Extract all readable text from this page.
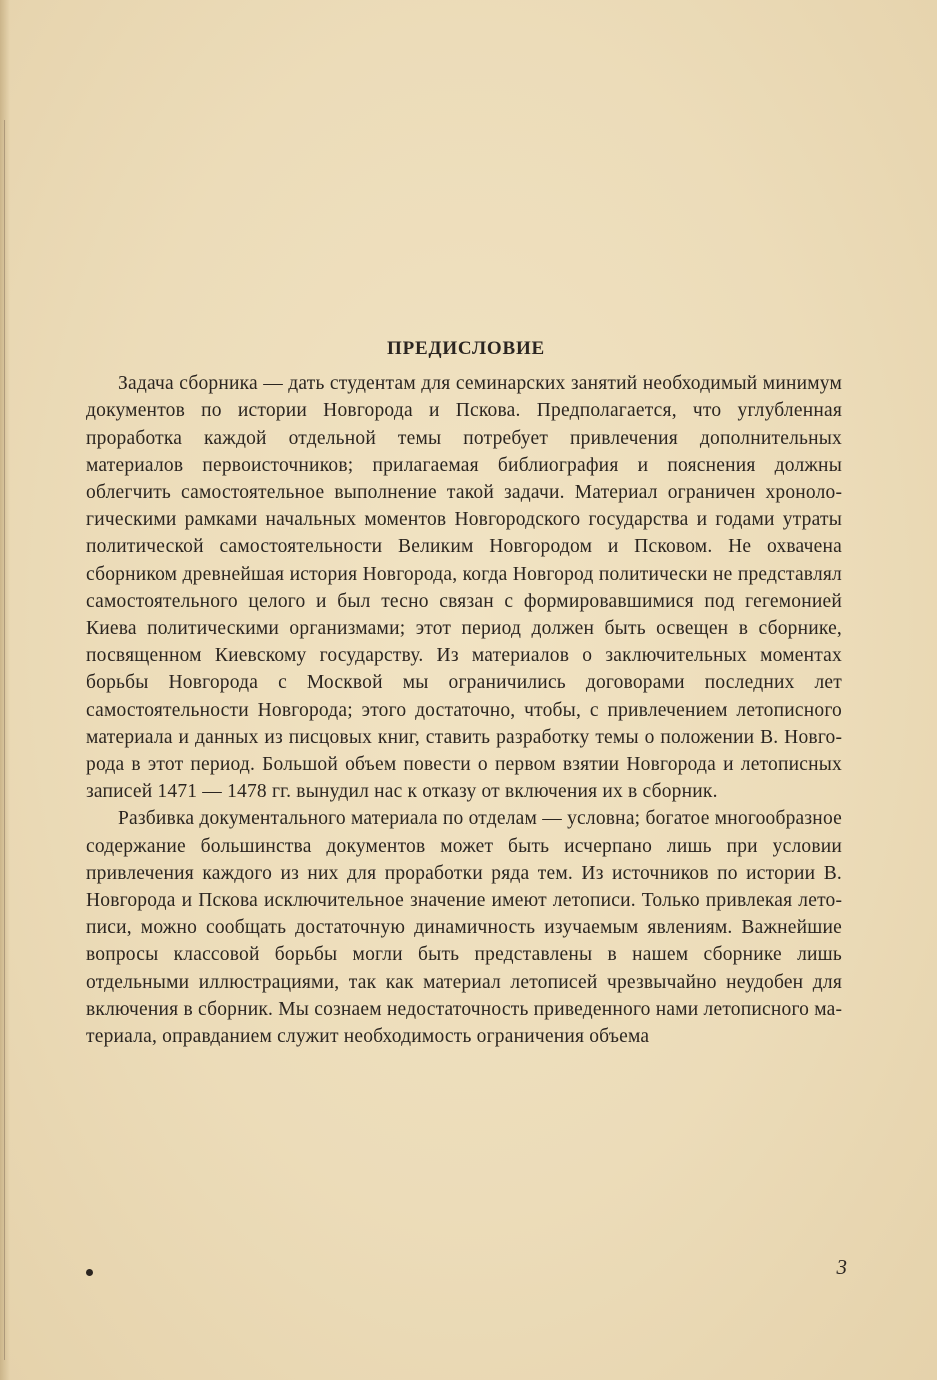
ПРЕДИСЛОВИЕ

Задача сборника — дать студентам для семинарских занятий необходимый минимум документов по истории Новгорода и Пскова. Предполагается, что углубленная проработка каждой отдельной темы потребует привлечения дополнительных материалов первоисточников; прилагаемая библиография и пояснения должны облегчить самостоятельное выполнение такой задачи. Материал ограничен хронологическими рамками начальных моментов Новгородского государства и годами утраты политической самостоятельности Великим Новгородом и Псковом. Не охвачена сборником древнейшая история Новгорода, когда Новгород политически не представлял самостоятельного целого и был тесно связан с формировавшимися под гегемонией Киева политическими организмами; этот период должен быть освещен в сборнике, посвященном Киевскому государству. Из материалов о заключительных моментах борьбы Новгорода с Москвой мы ограничились договорами последних лет самостоятельности Новгорода; этого достаточно, чтобы, с привлечением летописного материала и данных из писцовых книг, ставить разработку темы о положении В. Новгорода в этот период. Большой объем повести о первом взятии Новгорода и летописных записей 1471 — 1478 гг. вынудил нас к отказу от включения их в сборник.

Разбивка документального материала по отделам — условна; богатое многообразное содержание большинства документов может быть исчерпано лишь при условии привлечения каждого из них для проработки ряда тем. Из источников по истории В. Новгорода и Пскова исключительное значение имеют летописи. Только привлекая летописи, можно сообщать достаточную динамичность изучаемым явлениям. Важнейшие вопросы классовой борьбы могли быть представлены в нашем сборнике лишь отдельными иллюстрациями, так как материал летописей чрезвычайно неудобен для включения в сборник. Мы сознаем недостаточность приведенного нами летописного материала, оправданием служит необходимость ограничения объема

3
